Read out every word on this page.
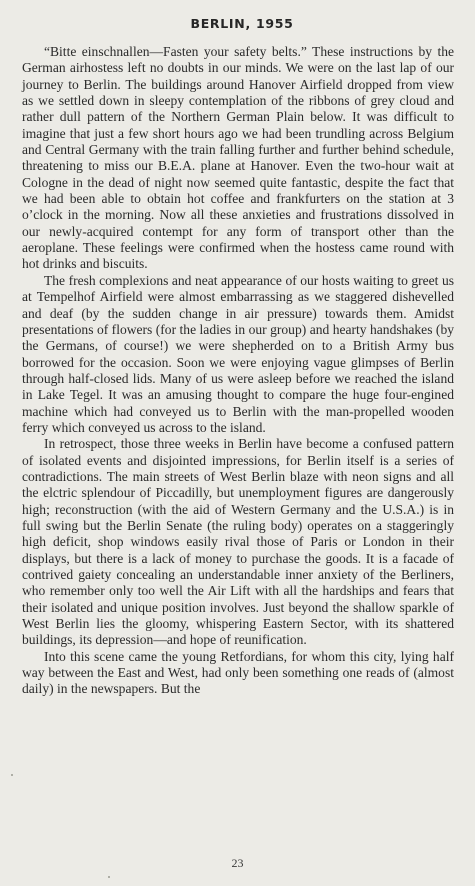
BERLIN, 1955

“Bitte einschnallen—Fasten your safety belts.” These instructions by the German airhostess left no doubts in our minds. We were on the last lap of our journey to Berlin. The buildings around Hanover Airfield dropped from view as we settled down in sleepy contemplation of the ribbons of grey cloud and rather dull pattern of the Northern German Plain below. It was difficult to imagine that just a few short hours ago we had been trundling across Belgium and Central Germany with the train falling further and further behind schedule, threatening to miss our B.E.A. plane at Hanover. Even the two-hour wait at Cologne in the dead of night now seemed quite fantastic, despite the fact that we had been able to obtain hot coffee and frankfurters on the station at 3 o’clock in the morning. Now all these anxieties and frustrations dissolved in our newly-acquired contempt for any form of transport other than the aeroplane. These feelings were confirmed when the hostess came round with hot drinks and biscuits.

The fresh complexions and neat appearance of our hosts waiting to greet us at Tempelhof Airfield were almost embarrassing as we staggered dishevelled and deaf (by the sudden change in air pressure) towards them. Amidst presentations of flowers (for the ladies in our group) and hearty handshakes (by the Germans, of course!) we were shepherded on to a British Army bus borrowed for the occasion. Soon we were enjoying vague glimpses of Berlin through half-closed lids. Many of us were asleep before we reached the island in Lake Tegel. It was an amusing thought to compare the huge four-engined machine which had conveyed us to Berlin with the man-propelled wooden ferry which conveyed us across to the island.

In retrospect, those three weeks in Berlin have become a confused pattern of isolated events and disjointed impressions, for Berlin itself is a series of contradictions. The main streets of West Berlin blaze with neon signs and all the elctric splendour of Piccadilly, but unemployment figures are dangerously high; reconstruction (with the aid of Western Germany and the U.S.A.) is in full swing but the Berlin Senate (the ruling body) operates on a staggeringly high deficit, shop windows easily rival those of Paris or London in their displays, but there is a lack of money to purchase the goods. It is a facade of contrived gaiety concealing an understandable inner anxiety of the Berliners, who remember only too well the Air Lift with all the hardships and fears that their isolated and unique position involves. Just beyond the shallow sparkle of West Berlin lies the gloomy, whispering Eastern Sector, with its shattered buildings, its depression—and hope of reunification.

Into this scene came the young Retfordians, for whom this city, lying half way between the East and West, had only been something one reads of (almost daily) in the newspapers. But the

23
